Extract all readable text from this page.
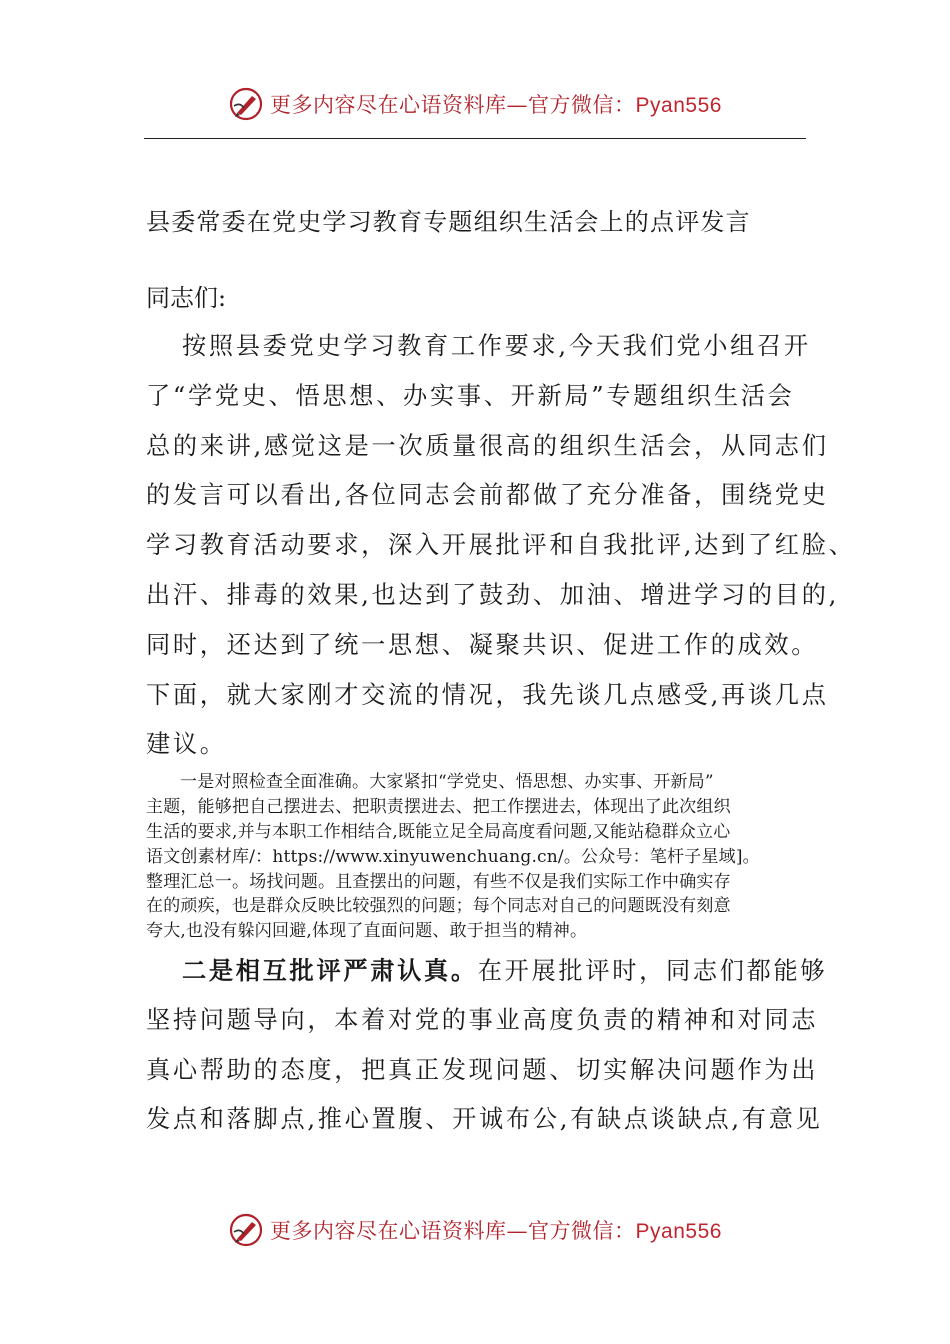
更多内容尽在心语资料库—官方微信：Pyan556
县委常委在党史学习教育专题组织生活会上的点评发言
同志们:
按照县委党史学习教育工作要求,今天我们党小组召开
了“学党史、悟思想、办实事、开新局”专题组织生活会
总的来讲,感觉这是一次质量很高的组织生活会，从同志们
的发言可以看出,各位同志会前都做了充分准备，围绕党史
学习教育活动要求，深入开展批评和自我批评,达到了红脸、
出汗、排毒的效果,也达到了鼓劲、加油、增进学习的目的,
同时，还达到了统一思想、凝聚共识、促进工作的成效。
下面，就大家刚才交流的情况，我先谈几点感受,再谈几点
建议。
一是对照检查全面准确。大家紧扣“学党史、悟思想、办实事、开新局”
主题，能够把自己摆进去、把职责摆进去、把工作摆进去，体现出了此次组织
生活的要求,并与本职工作相结合,既能立足全局高度看问题,又能站稳群众立心
语文创素材库/：https://www.xinyuwenchuang.cn/。公众号：笔杆子星域]。
整理汇总一。场找问题。且查摆出的问题，有些不仅是我们实际工作中确实存
在的顽疾，也是群众反映比较强烈的问题；每个同志对自己的问题既没有刻意
夸大,也没有躲闪回避,体现了直面问题、敢于担当的精神。
二是相互批评严肃认真。在开展批评时，同志们都能够
坚持问题导向，本着对党的事业高度负责的精神和对同志
真心帮助的态度，把真正发现问题、切实解决问题作为出
发点和落脚点,推心置腹、开诚布公,有缺点谈缺点,有意见
更多内容尽在心语资料库—官方微信：Pyan556
